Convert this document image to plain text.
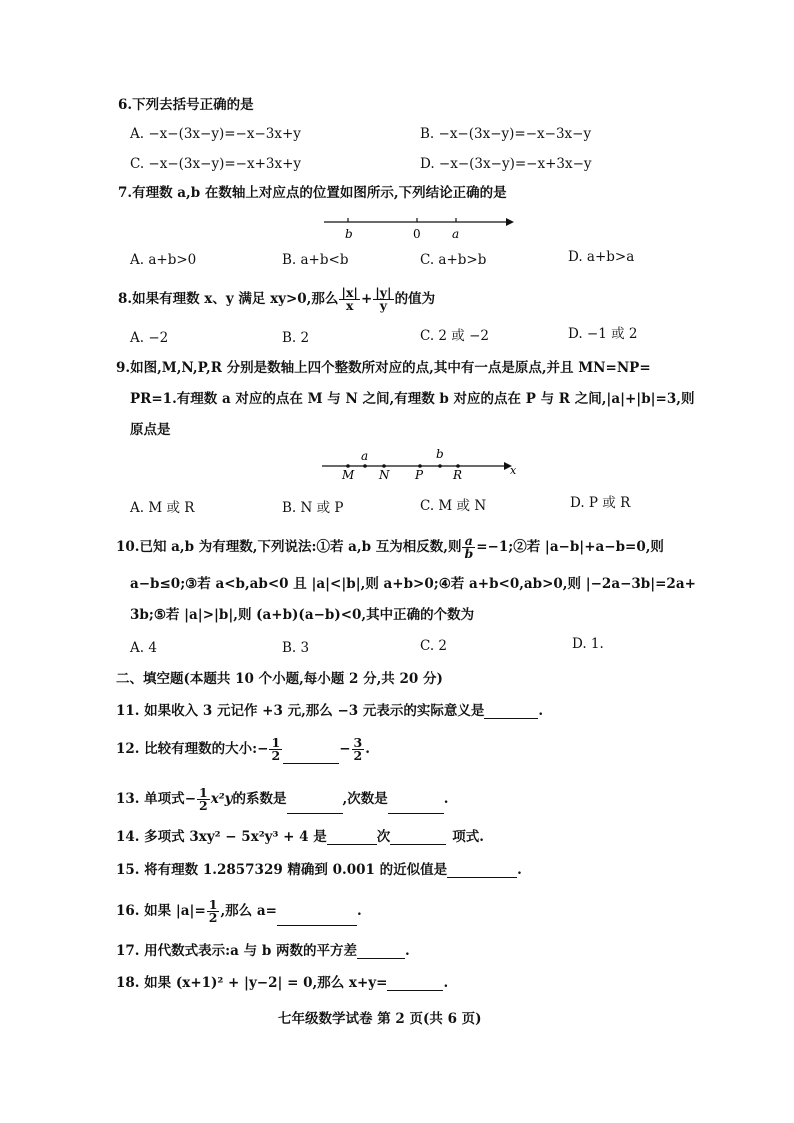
6.下列去括号正确的是
A. −x−(3x−y)=−x−3x+y	B. −x−(3x−y)=−x−3x−y
C. −x−(3x−y)=−x+3x+y	D. −x−(3x−y)=−x+3x−y
7.有理数 a,b 在数轴上对应点的位置如图所示,下列结论正确的是
b	0	a
A. a+b>0	B. a+b<b	C. a+b>b	D. a+b>a
8.如果有理数 x、y 满足 xy>0,那么 $\frac{|x|}{x} + \frac{|y|}{y}$ 的值为
A. −2	B. 2	C. 2 或 −2	D. −1 或 2
9.如图,M,N,P,R 分别是数轴上四个整数所对应的点,其中有一点是原点,并且 MN=NP=
PR=1.有理数 a 对应的点在 M 与 N 之间,有理数 b 对应的点在 P 与 R 之间,|a|+|b|=3,则
原点是
a	b
M N P R	x
A. M 或 R	B. N 或 P	C. M 或 N	D. P 或 R
10.已知 a,b 为有理数,下列说法:①若 a,b 互为相反数,则 $\frac{a}{b}$ =−1;②若 |a−b|+a−b=0,则
a−b≤0;③若 a<b,ab<0 且 |a|<|b|,则 a+b>0;④若 a+b<0,ab>0,则 |−2a−3b|=2a+
3b;⑤若 |a|>|b|,则 (a+b)(a−b)<0,其中正确的个数为
A. 4	B. 3	C. 2	D. 1.
二、填空题(本题共 10 个小题,每小题 2 分,共 20 分)
11. 如果收入 3 元记作 +3 元,那么 −3 元表示的实际意义是	.
12. 比较有理数的大小:− $\frac{1}{2}$	− $\frac{3}{2}$ .
13. 单项式− $\frac{1}{2} x^2y$的系数是	,次数是	.
14. 多项式 3xy² − 5x²y³ + 4 是	次	项式.
15. 将有理数 1.2857329 精确到 0.001 的近似值是	.
16. 如果 $|a|= \frac{1}{2}$ ,那么 a=	.
17. 用代数式表示:a 与 b 两数的平方差	.
18. 如果 (x+1)² + |y−2| = 0,那么 x+y=	.
七年级数学试卷 第 2 页(共 6 页)
